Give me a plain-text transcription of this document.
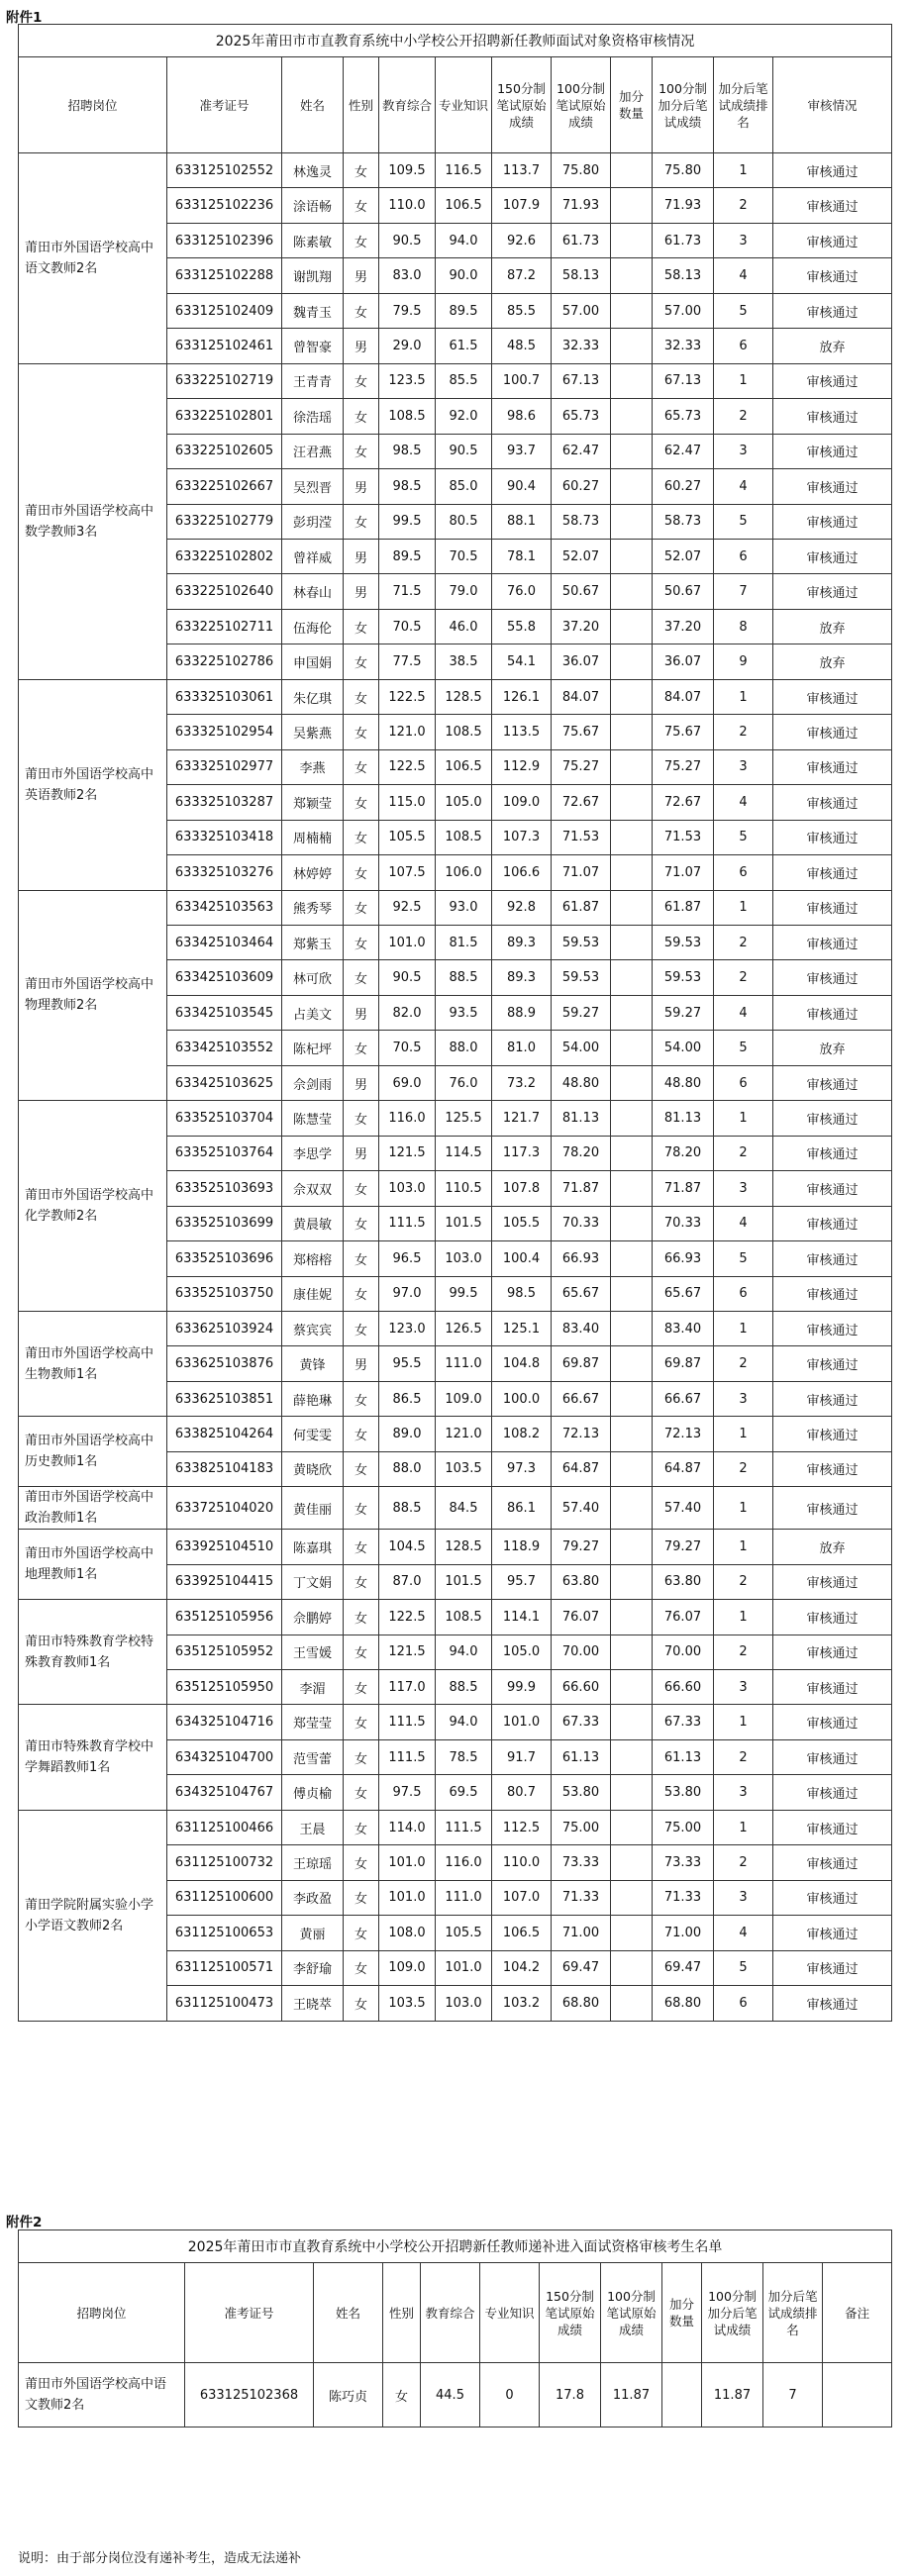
附件1
2025年莆田市市直教育系统中小学校公开招聘新任教师面试对象资格审核情况											
招聘岗位	准考证号	姓名	性别	教育综合	专业知识	150分制笔试原始成绩	100分制笔试原始成绩	加分数量	100分制加分后笔试成绩	加分后笔试成绩排名	审核情况
莆田市外国语学校高中语文教师2名	633125102552	林逸灵	女	109.5	116.5	113.7	75.80		75.80	1	审核通过
	633125102236	涂语畅	女	110.0	106.5	107.9	71.93		71.93	2	审核通过
	633125102396	陈素敏	女	90.5	94.0	92.6	61.73		61.73	3	审核通过
	633125102288	谢凯翔	男	83.0	90.0	87.2	58.13		58.13	4	审核通过
	633125102409	魏青玉	女	79.5	89.5	85.5	57.00		57.00	5	审核通过
	633125102461	曾智豪	男	29.0	61.5	48.5	32.33		32.33	6	放弃
莆田市外国语学校高中数学教师3名	633225102719	王青青	女	123.5	85.5	100.7	67.13		67.13	1	审核通过
	633225102801	徐浩瑶	女	108.5	92.0	98.6	65.73		65.73	2	审核通过
	633225102605	汪君燕	女	98.5	90.5	93.7	62.47		62.47	3	审核通过
	633225102667	吴烈晋	男	98.5	85.0	90.4	60.27		60.27	4	审核通过
	633225102779	彭玥滢	女	99.5	80.5	88.1	58.73		58.73	5	审核通过
	633225102802	曾祥威	男	89.5	70.5	78.1	52.07		52.07	6	审核通过
	633225102640	林春山	男	71.5	79.0	76.0	50.67		50.67	7	审核通过
	633225102711	伍海伦	女	70.5	46.0	55.8	37.20		37.20	8	放弃
	633225102786	申国娟	女	77.5	38.5	54.1	36.07		36.07	9	放弃
莆田市外国语学校高中英语教师2名	633325103061	朱亿琪	女	122.5	128.5	126.1	84.07		84.07	1	审核通过
	633325102954	吴紫燕	女	121.0	108.5	113.5	75.67		75.67	2	审核通过
	633325102977	李燕	女	122.5	106.5	112.9	75.27		75.27	3	审核通过
	633325103287	郑颖莹	女	115.0	105.0	109.0	72.67		72.67	4	审核通过
	633325103418	周楠楠	女	105.5	108.5	107.3	71.53		71.53	5	审核通过
	633325103276	林婷婷	女	107.5	106.0	106.6	71.07		71.07	6	审核通过
莆田市外国语学校高中物理教师2名	633425103563	熊秀琴	女	92.5	93.0	92.8	61.87		61.87	1	审核通过
	633425103464	郑紫玉	女	101.0	81.5	89.3	59.53		59.53	2	审核通过
	633425103609	林可欣	女	90.5	88.5	89.3	59.53		59.53	2	审核通过
	633425103545	占美文	男	82.0	93.5	88.9	59.27		59.27	4	审核通过
	633425103552	陈杞坪	女	70.5	88.0	81.0	54.00		54.00	5	放弃
	633425103625	佘剑雨	男	69.0	76.0	73.2	48.80		48.80	6	审核通过
莆田市外国语学校高中化学教师2名	633525103704	陈慧莹	女	116.0	125.5	121.7	81.13		81.13	1	审核通过
	633525103764	李思学	男	121.5	114.5	117.3	78.20		78.20	2	审核通过
	633525103693	佘双双	女	103.0	110.5	107.8	71.87		71.87	3	审核通过
	633525103699	黄晨敏	女	111.5	101.5	105.5	70.33		70.33	4	审核通过
	633525103696	郑榕榕	女	96.5	103.0	100.4	66.93		66.93	5	审核通过
	633525103750	康佳妮	女	97.0	99.5	98.5	65.67		65.67	6	审核通过
莆田市外国语学校高中生物教师1名	633625103924	蔡宾宾	女	123.0	126.5	125.1	83.40		83.40	1	审核通过
	633625103876	黄锋	男	95.5	111.0	104.8	69.87		69.87	2	审核通过
	633625103851	薛艳琳	女	86.5	109.0	100.0	66.67		66.67	3	审核通过
莆田市外国语学校高中历史教师1名	633825104264	何雯雯	女	89.0	121.0	108.2	72.13		72.13	1	审核通过
	633825104183	黄晓欣	女	88.0	103.5	97.3	64.87		64.87	2	审核通过
莆田市外国语学校高中政治教师1名	633725104020	黄佳丽	女	88.5	84.5	86.1	57.40		57.40	1	审核通过
莆田市外国语学校高中地理教师1名	633925104510	陈嘉琪	女	104.5	128.5	118.9	79.27		79.27	1	放弃
	633925104415	丁文娟	女	87.0	101.5	95.7	63.80		63.80	2	审核通过
莆田市特殊教育学校特殊教育教师1名	635125105956	佘鹏婷	女	122.5	108.5	114.1	76.07		76.07	1	审核通过
	635125105952	王雪媛	女	121.5	94.0	105.0	70.00		70.00	2	审核通过
	635125105950	李湄	女	117.0	88.5	99.9	66.60		66.60	3	审核通过
莆田市特殊教育学校中学舞蹈教师1名	634325104716	郑莹莹	女	111.5	94.0	101.0	67.33		67.33	1	审核通过
	634325104700	范雪蕾	女	111.5	78.5	91.7	61.13		61.13	2	审核通过
	634325104767	傅贞榆	女	97.5	69.5	80.7	53.80		53.80	3	审核通过
莆田学院附属实验小学小学语文教师2名	631125100466	王晨	女	114.0	111.5	112.5	75.00		75.00	1	审核通过
	631125100732	王琼瑶	女	101.0	116.0	110.0	73.33		73.33	2	审核通过
	631125100600	李政盈	女	101.0	111.0	107.0	71.33		71.33	3	审核通过
	631125100653	黄丽	女	108.0	105.5	106.5	71.00		71.00	4	审核通过
	631125100571	李舒瑜	女	109.0	101.0	104.2	69.47		69.47	5	审核通过
	631125100473	王晓萃	女	103.5	103.0	103.2	68.80		68.80	6	审核通过
附件2
2025年莆田市市直教育系统中小学校公开招聘新任教师递补进入面试资格审核考生名单											
招聘岗位	准考证号	姓名	性别	教育综合	专业知识	150分制笔试原始成绩	100分制笔试原始成绩	加分数量	100分制加分后笔试成绩	加分后笔试成绩排名	备注
莆田市外国语学校高中语文教师2名	633125102368	陈巧贞	女	44.5	0	17.8	11.87		11.87	7	
说明：由于部分岗位没有递补考生，造成无法递补
